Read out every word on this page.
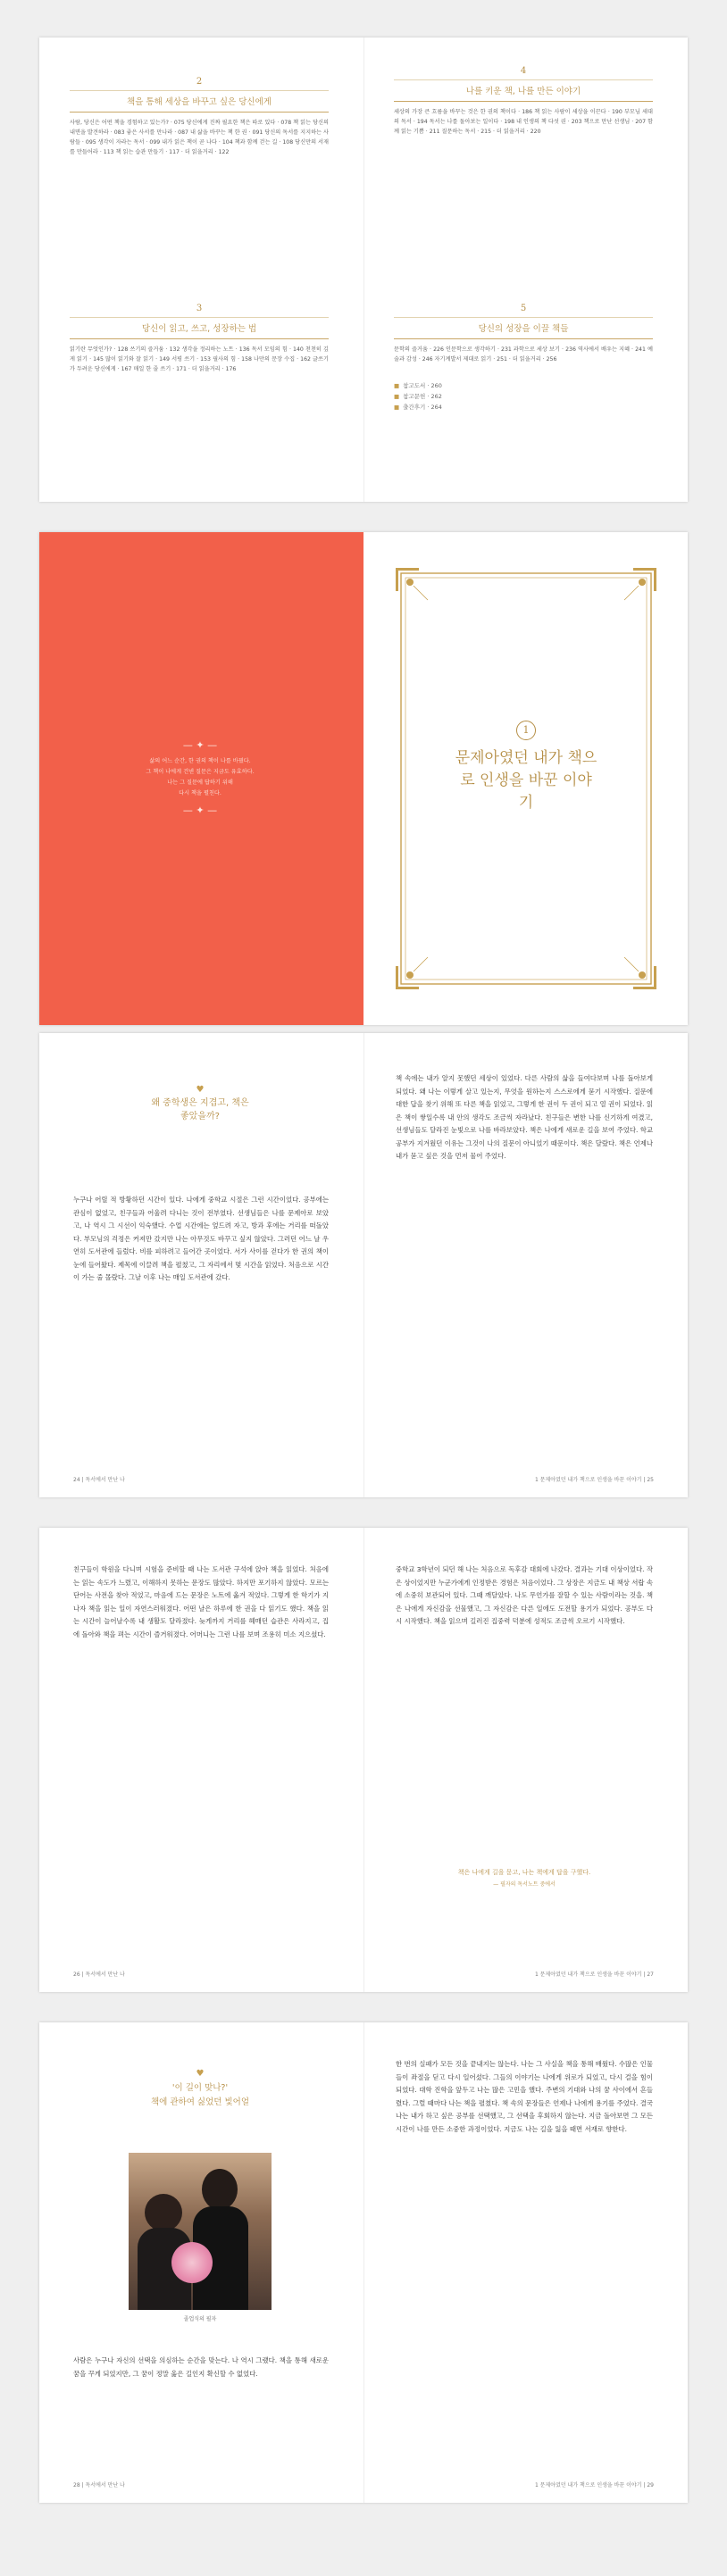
2
책을 통해 세상을 바꾸고 싶은 당신에게
사람, 당신은 어떤 책을 경험하고 있는가? · 075 당신에게 진짜 필요한 책은 따로 있다 · 078 책 읽는 당신의 내면을 발견하라 · 083 좋은 사서를 만나라 · 087 내 삶을 바꾸는 책 한 권 · 091 당신의 독서를 지지하는 사람들 · 095 생각이 자라는 독서 · 099 내가 읽은 책이 곧 나다 · 104 책과 함께 걷는 길 · 108 당신만의 서재를 만들어라 · 113 책 읽는 습관 만들기 · 117 · 더 읽을거리 · 122
3
당신이 읽고, 쓰고, 성장하는 법
읽기란 무엇인가? · 128 쓰기의 즐거움 · 132 생각을 정리하는 노트 · 136 독서 모임의 힘 · 140 천천히 깊게 읽기 · 145 많이 읽기와 잘 읽기 · 149 서평 쓰기 · 153 필사의 힘 · 158 나만의 문장 수집 · 162 글쓰기가 두려운 당신에게 · 167 매일 한 줄 쓰기 · 171 · 더 읽을거리 · 176
4
나를 키운 책, 나를 만든 이야기
세상의 가장 큰 흐름을 바꾸는 것은 한 권의 책이다 · 186 책 읽는 사람이 세상을 이끈다 · 190 부모님 세대의 독서 · 194 독서는 나를 돌아보는 일이다 · 198 내 인생의 책 다섯 권 · 203 책으로 만난 선생님 · 207 함께 읽는 기쁨 · 211 질문하는 독서 · 215 · 더 읽을거리 · 220
5
당신의 성장을 이끌 책들
문학의 즐거움 · 226 인문학으로 생각하기 · 231 과학으로 세상 보기 · 236 역사에서 배우는 지혜 · 241 예술과 감성 · 246 자기계발서 제대로 읽기 · 251 · 더 읽을거리 · 256
■ 참고도서 · 260
■ 참고문헌 · 262
■ 출간후기 · 264
— ✦ —
삶의 어느 순간, 한 권의 책이 나를 바꿨다.
그 책이 나에게 건넨 질문은 지금도 유효하다.
나는 그 질문에 답하기 위해
다시 책을 펼친다.
— ✦ —
1
문제아였던 내가 책으로 인생을 바꾼 이야기
♥
왜 중학생은 지겹고, 책은 좋았을까?
누구나 어릴 적 방황하던 시간이 있다. 나에게 중학교 시절은 그런 시간이었다. 공부에는 관심이 없었고, 친구들과 어울려 다니는 것이 전부였다. 선생님들은 나를 문제아로 보았고, 나 역시 그 시선이 익숙했다. 수업 시간에는 엎드려 자고, 방과 후에는 거리를 떠돌았다. 부모님의 걱정은 커져만 갔지만 나는 아무것도 바꾸고 싶지 않았다. 그러던 어느 날 우연히 도서관에 들렀다. 비를 피하려고 들어간 곳이었다. 서가 사이를 걷다가 한 권의 책이 눈에 들어왔다. 제목에 이끌려 책을 펼쳤고, 그 자리에서 몇 시간을 읽었다. 처음으로 시간이 가는 줄 몰랐다. 그날 이후 나는 매일 도서관에 갔다.
24 | 독서에서 만난 나
책 속에는 내가 알지 못했던 세상이 있었다. 다른 사람의 삶을 들여다보며 나를 돌아보게 되었다. 왜 나는 이렇게 살고 있는지, 무엇을 원하는지 스스로에게 묻기 시작했다. 질문에 대한 답을 찾기 위해 또 다른 책을 읽었고, 그렇게 한 권이 두 권이 되고 열 권이 되었다. 읽은 책이 쌓일수록 내 안의 생각도 조금씩 자라났다. 친구들은 변한 나를 신기하게 여겼고, 선생님들도 달라진 눈빛으로 나를 바라보았다. 책은 나에게 새로운 길을 보여 주었다. 학교 공부가 지겨웠던 이유는 그것이 나의 질문이 아니었기 때문이다. 책은 달랐다. 책은 언제나 내가 묻고 싶은 것을 먼저 물어 주었다.
1 문제아였던 내가 책으로 인생을 바꾼 이야기 | 25
친구들이 학원을 다니며 시험을 준비할 때 나는 도서관 구석에 앉아 책을 읽었다. 처음에는 읽는 속도가 느렸고, 이해하지 못하는 문장도 많았다. 하지만 포기하지 않았다. 모르는 단어는 사전을 찾아 적었고, 마음에 드는 문장은 노트에 옮겨 적었다. 그렇게 한 학기가 지나자 책을 읽는 일이 자연스러워졌다. 어떤 날은 하루에 한 권을 다 읽기도 했다. 책을 읽는 시간이 늘어날수록 내 생활도 달라졌다. 늦게까지 거리를 헤매던 습관은 사라지고, 집에 돌아와 책을 펴는 시간이 즐거워졌다. 어머니는 그런 나를 보며 조용히 미소 지으셨다.
26 | 독서에서 만난 나
중학교 3학년이 되던 해 나는 처음으로 독후감 대회에 나갔다. 결과는 기대 이상이었다. 작은 상이었지만 누군가에게 인정받은 경험은 처음이었다. 그 상장은 지금도 내 책상 서랍 속에 소중히 보관되어 있다. 그때 깨달았다. 나도 무언가를 잘할 수 있는 사람이라는 것을. 책은 나에게 자신감을 선물했고, 그 자신감은 다른 일에도 도전할 용기가 되었다. 공부도 다시 시작했다. 책을 읽으며 길러진 집중력 덕분에 성적도 조금씩 오르기 시작했다.
책은 나에게 길을 묻고, 나는 책에게 답을 구했다.
— 필자의 독서노트 중에서
1 문제아였던 내가 책으로 인생을 바꾼 이야기 | 27
♥
'이 길이 맞나?'
책에 관하여 싫었던 빛어얼
졸업식의 필자
사람은 누구나 자신의 선택을 의심하는 순간을 맞는다. 나 역시 그랬다. 책을 통해 새로운 꿈을 꾸게 되었지만, 그 꿈이 정말 옳은 길인지 확신할 수 없었다.
28 | 독서에서 만난 나
한 번의 실패가 모든 것을 끝내지는 않는다. 나는 그 사실을 책을 통해 배웠다. 수많은 인물들이 좌절을 딛고 다시 일어섰다. 그들의 이야기는 나에게 위로가 되었고, 다시 걸을 힘이 되었다. 대학 진학을 앞두고 나는 많은 고민을 했다. 주변의 기대와 나의 꿈 사이에서 흔들렸다. 그럴 때마다 나는 책을 펼쳤다. 책 속의 문장들은 언제나 나에게 용기를 주었다. 결국 나는 내가 하고 싶은 공부를 선택했고, 그 선택을 후회하지 않는다. 지금 돌아보면 그 모든 시간이 나를 만든 소중한 과정이었다. 지금도 나는 길을 잃을 때면 서재로 향한다.
1 문제아였던 내가 책으로 인생을 바꾼 이야기 | 29
